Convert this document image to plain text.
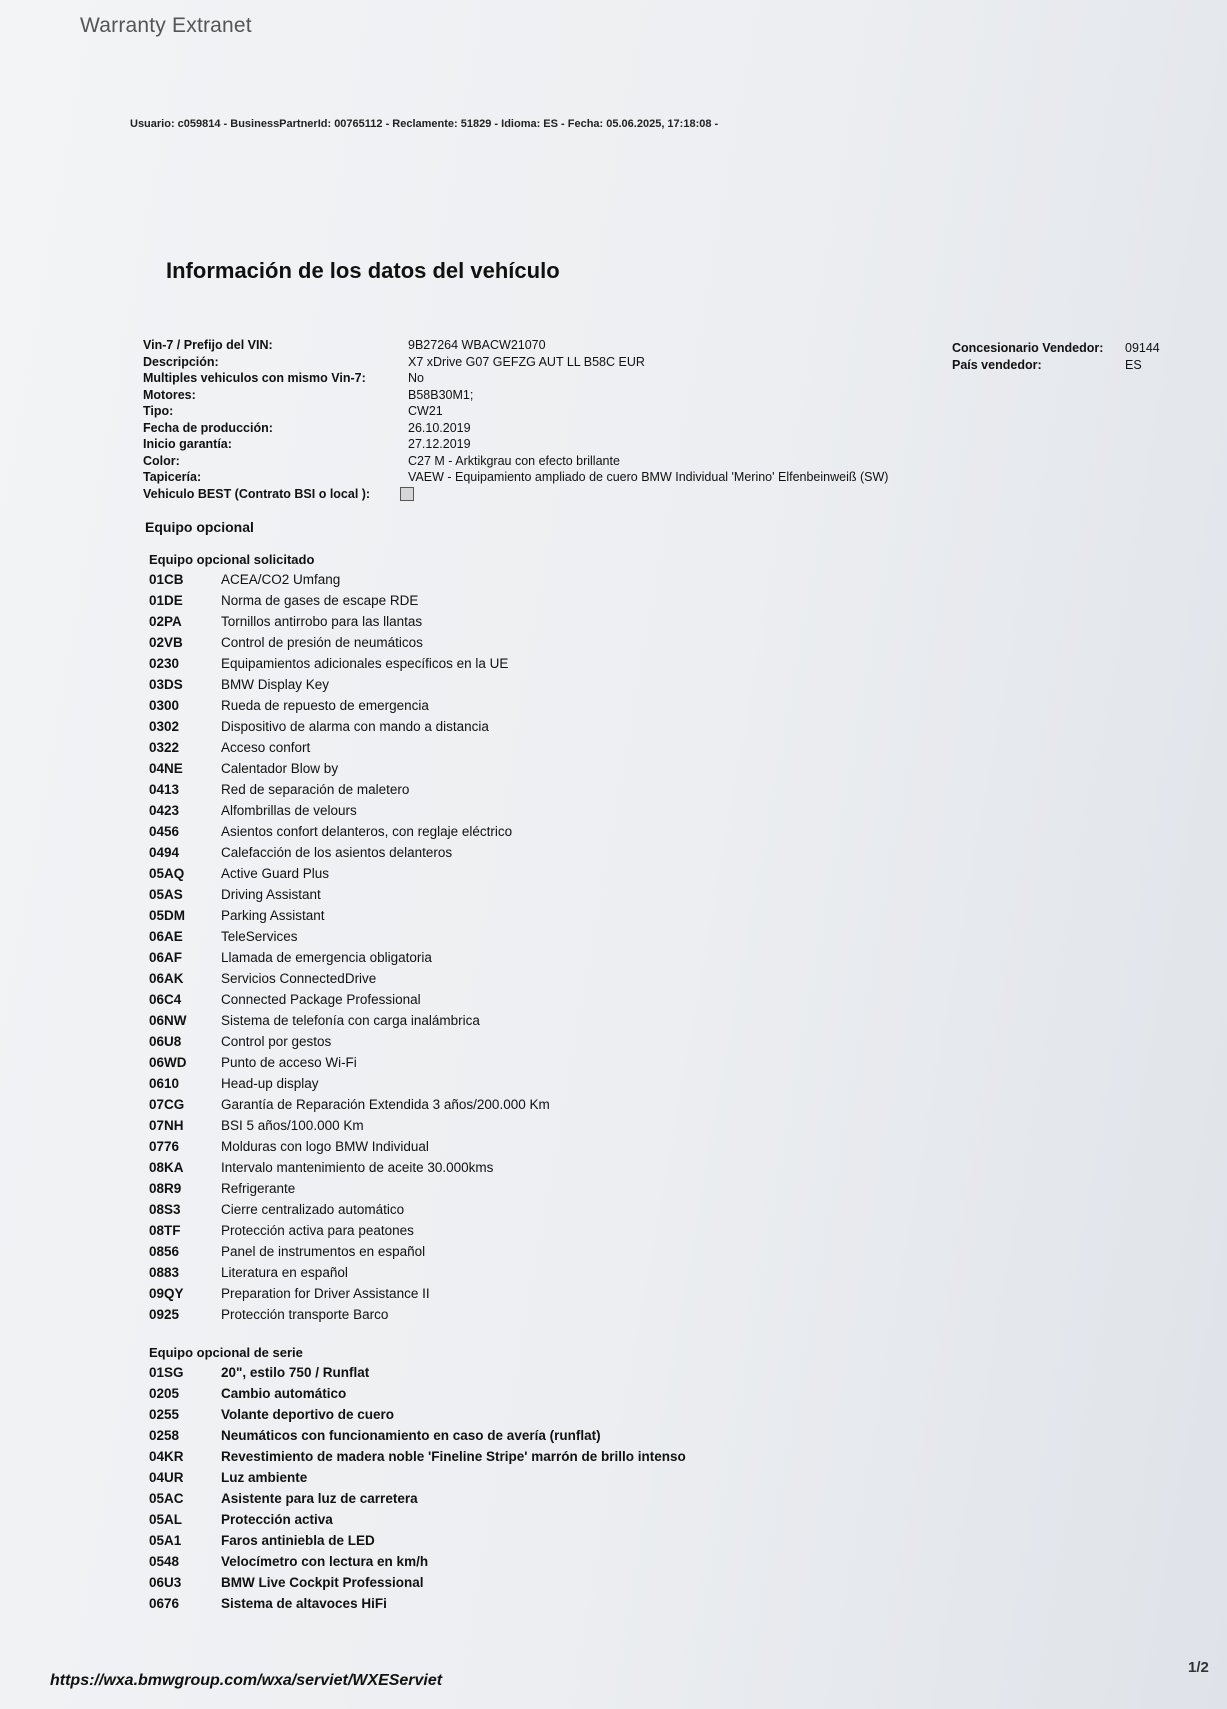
Warranty Extranet
Usuario: c059814 - BusinessPartnerId: 00765112 - Reclamente: 51829 - Idioma: ES - Fecha: 05.06.2025, 17:18:08 -
Información de los datos del vehículo
Vin-7 / Prefijo del VIN:	9B27264 WBACW21070
Descripción:	X7 xDrive G07 GEFZG AUT LL B58C EUR
Multiples vehiculos con mismo Vin-7:	No
Motores:	B58B30M1;
Tipo:	CW21
Fecha de producción:	26.10.2019
Inicio garantía:	27.12.2019
Color:	C27 M - Arktikgrau con efecto brillante
Tapicería:	VAEW - Equipamiento ampliado de cuero BMW Individual 'Merino' Elfenbeinweiß (SW)
Vehiculo BEST (Contrato BSI o local ):
Concesionario Vendedor:	09144
País vendedor:	ES
Equipo opcional
Equipo opcional solicitado
01CB	ACEA/CO2 Umfang
01DE	Norma de gases de escape RDE
02PA	Tornillos antirrobo para las llantas
02VB	Control de presión de neumáticos
0230	Equipamientos adicionales específicos en la UE
03DS	BMW Display Key
0300	Rueda de repuesto de emergencia
0302	Dispositivo de alarma con mando a distancia
0322	Acceso confort
04NE	Calentador Blow by
0413	Red de separación de maletero
0423	Alfombrillas de velours
0456	Asientos confort delanteros, con reglaje eléctrico
0494	Calefacción de los asientos delanteros
05AQ	Active Guard Plus
05AS	Driving Assistant
05DM	Parking Assistant
06AE	TeleServices
06AF	Llamada de emergencia obligatoria
06AK	Servicios ConnectedDrive
06C4	Connected Package Professional
06NW	Sistema de telefonía con carga inalámbrica
06U8	Control por gestos
06WD	Punto de acceso Wi-Fi
0610	Head-up display
07CG	Garantía de Reparación Extendida 3 años/200.000 Km
07NH	BSI 5 años/100.000 Km
0776	Molduras con logo BMW Individual
08KA	Intervalo mantenimiento de aceite 30.000kms
08R9	Refrigerante
08S3	Cierre centralizado automático
08TF	Protección activa para peatones
0856	Panel de instrumentos en español
0883	Literatura en español
09QY	Preparation for Driver Assistance II
0925	Protección transporte Barco
Equipo opcional de serie
01SG	20", estilo 750 / Runflat
0205	Cambio automático
0255	Volante deportivo de cuero
0258	Neumáticos con funcionamiento en caso de avería (runflat)
04KR	Revestimiento de madera noble 'Fineline Stripe' marrón de brillo intenso
04UR	Luz ambiente
05AC	Asistente para luz de carretera
05AL	Protección activa
05A1	Faros antiniebla de LED
0548	Velocímetro con lectura en km/h
06U3	BMW Live Cockpit Professional
0676	Sistema de altavoces HiFi
https://wxa.bmwgroup.com/wxa/serviet/WXEServiet
1/2
